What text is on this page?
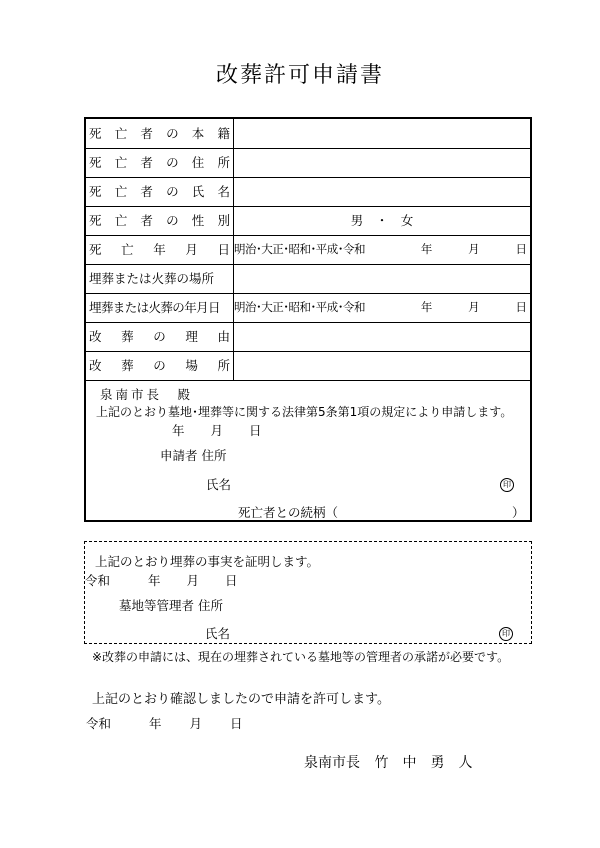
改葬許可申請書
死 亡 者 の 本 籍
死 亡 者 の 住 所
死 亡 者 の 氏 名
死 亡 者 の 性 別	男　・　女
死 亡 年 月 日 明治･大正･昭和･平成･令和	年	月	日
埋葬または火葬の場所
埋葬または火葬の年月日	明治･大正･昭和･平成･令和	年	月	日
改 葬 の 理 由
改 葬 の 場 所
泉南市長　殿
上記のとおり墓地･埋葬等に関する法律第5条第1項の規定により申請します。
年 月 日
申請者 住所
氏名	印
死亡者との続柄（	）
上記のとおり埋葬の事実を証明します。
令和	年 月 日
墓地等管理者 住所
氏名	印
※改葬の申請には、現在の埋葬されている墓地等の管理者の承諾が必要です。
上記のとおり確認しましたので申請を許可します。
令和	年 月 日
泉南市長 竹　中　勇　人
